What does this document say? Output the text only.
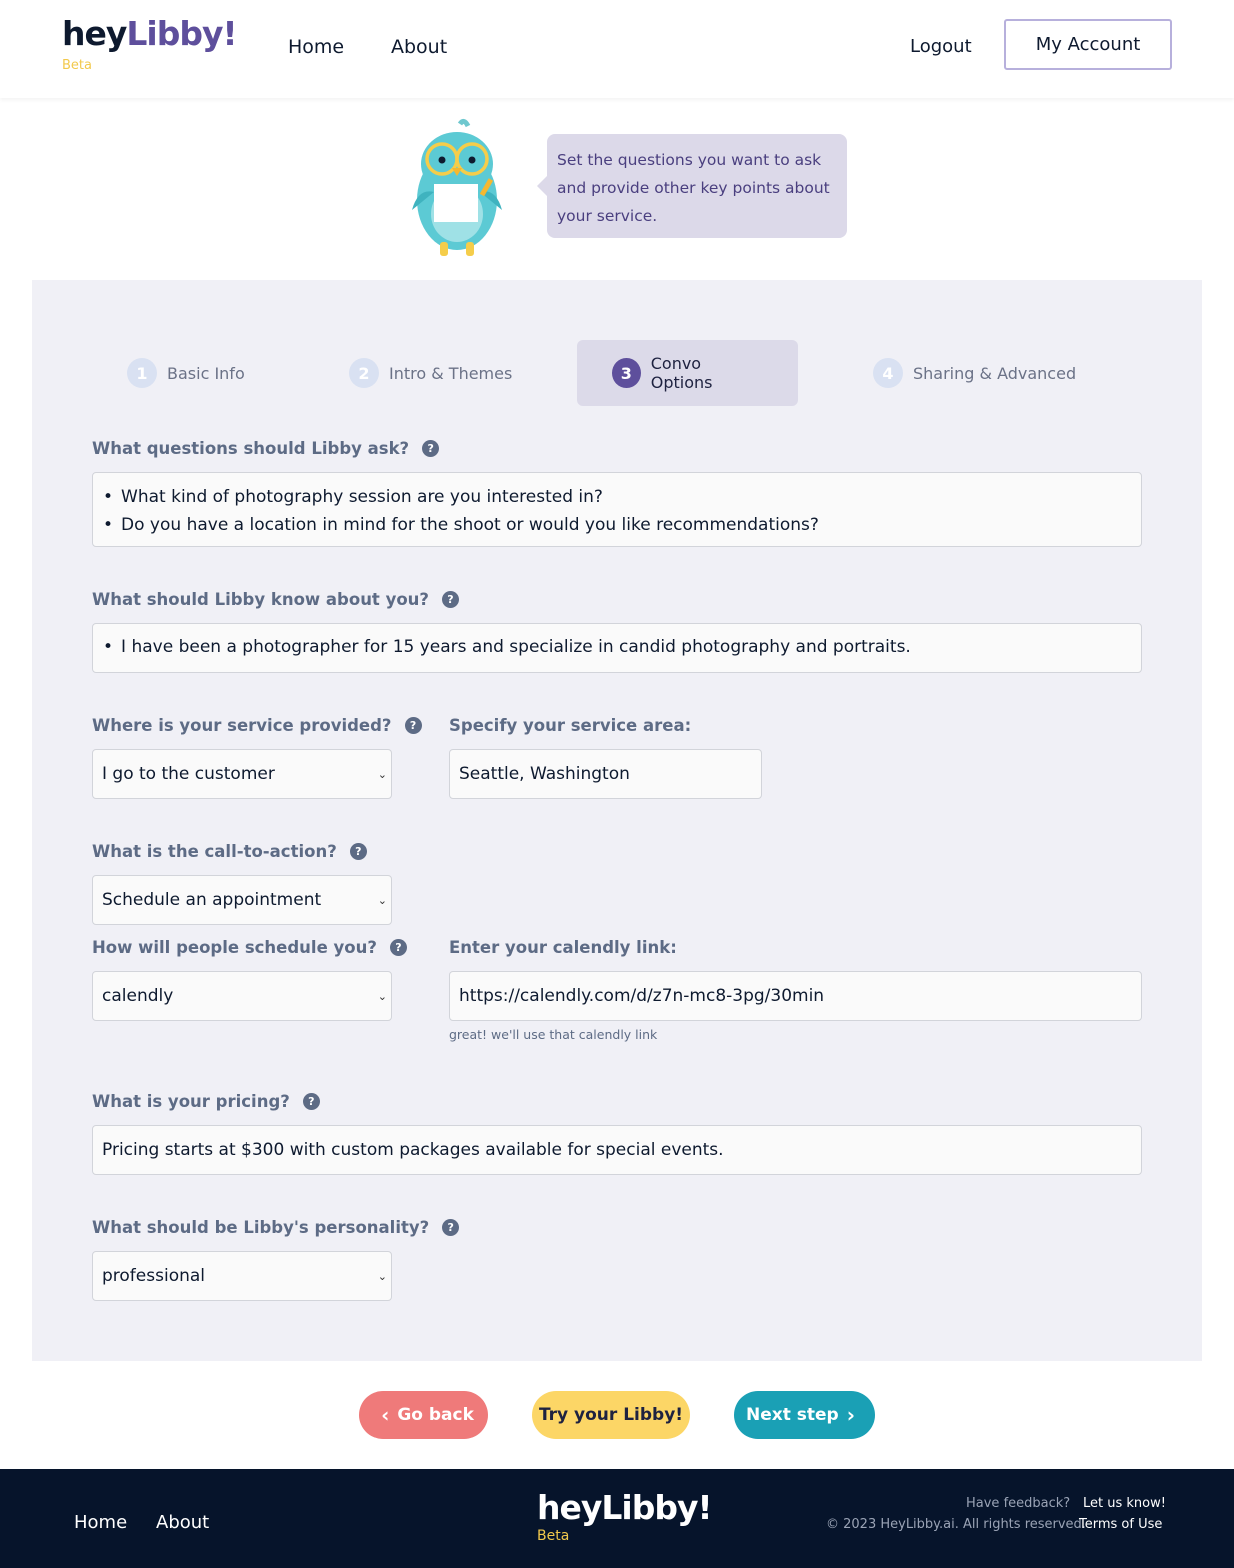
heyLibby!
Beta
Home About	Logout	My Account
Set the questions you want to ask and provide other key points about your service.
1	Basic Info	2	Intro & Themes	3	Convo Options	4	Sharing & Advanced
What questions should Libby ask?	?
• What kind of photography session are you interested in?
• Do you have a location in mind for the shoot or would you like recommendations?
What should Libby know about you?	?
• I have been a photographer for 15 years and specialize in candid photography and portraits.
Where is your service provided?	?
I go to the customer	⌄
Specify your service area:
Seattle, Washington
What is the call-to-action?	?
Schedule an appointment	⌄
How will people schedule you?	?
calendly	⌄
Enter your calendly link:
https://calendly.com/d/z7n-mc8-3pg/30min
great! we'll use that calendly link
What is your pricing?	?
Pricing starts at $300 with custom packages available for special events.
What should be Libby's personality?	?
professional	⌄
‹ Go back	Try your Libby!	Next step ›
Home About	heyLibby!
Beta
Have feedback? Let us know!
© 2023 HeyLibby.ai. All rights reserved.
Terms of Use
